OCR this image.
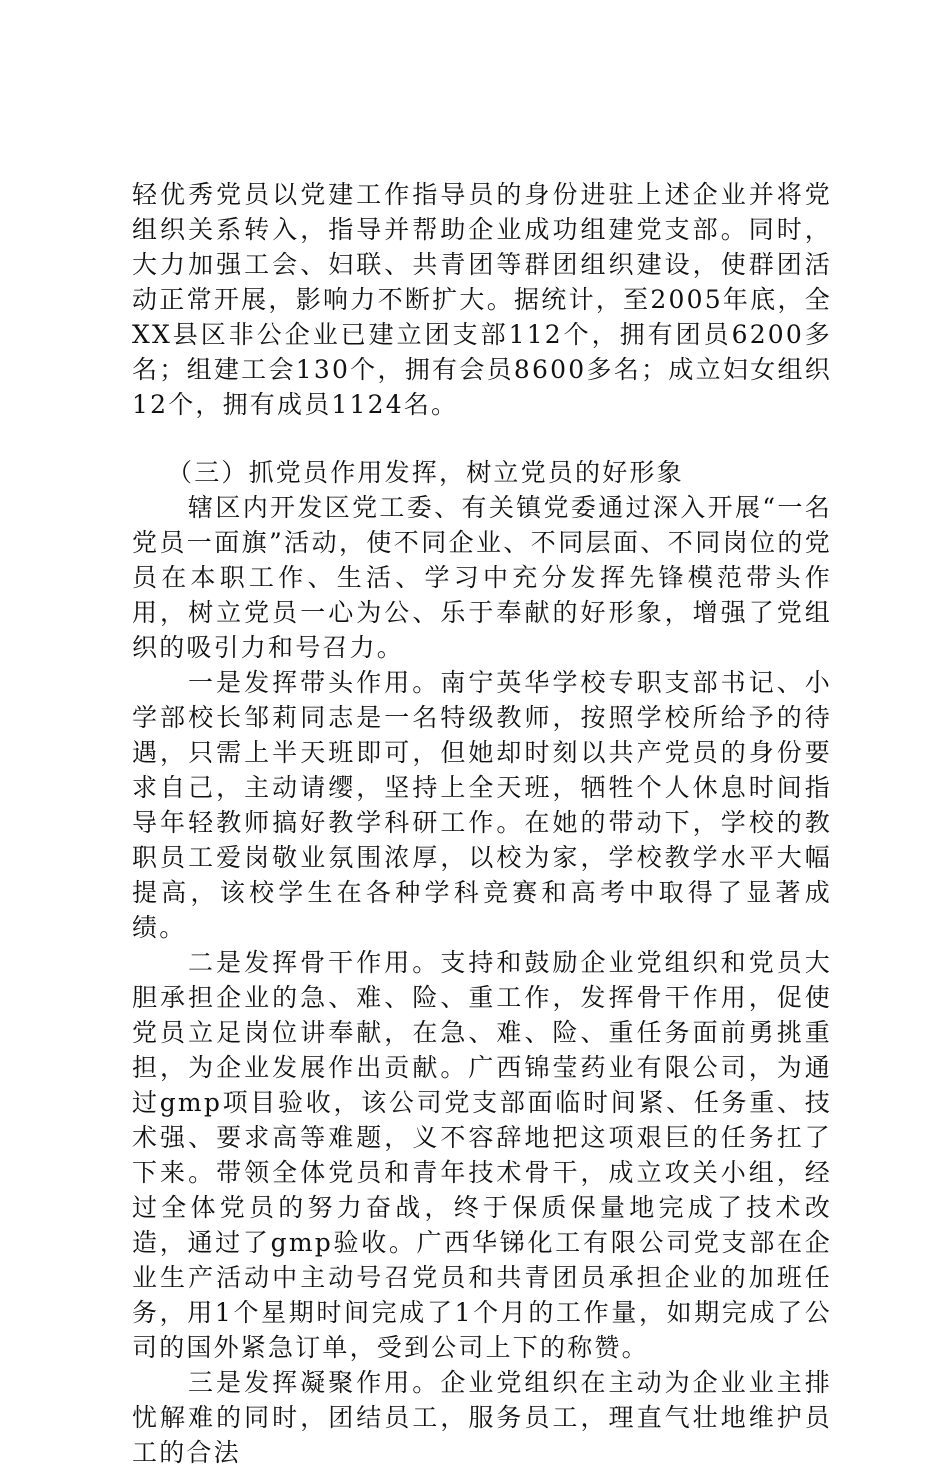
轻优秀党员以党建工作指导员的身份进驻上述企业并将党组织关系转入，指导并帮助企业成功组建党支部。同时，大力加强工会、妇联、共青团等群团组织建设，使群团活动正常开展，影响力不断扩大。据统计，至2005年底，全XX县区非公企业已建立团支部112个，拥有团员6200多名；组建工会130个，拥有会员8600多名；成立妇女组织12个，拥有成员1124名。

（三）抓党员作用发挥，树立党员的好形象

辖区内开发区党工委、有关镇党委通过深入开展“一名党员一面旗”活动，使不同企业、不同层面、不同岗位的党员在本职工作、生活、学习中充分发挥先锋模范带头作用，树立党员一心为公、乐于奉献的好形象，增强了党组织的吸引力和号召力。

一是发挥带头作用。南宁英华学校专职支部书记、小学部校长邹莉同志是一名特级教师，按照学校所给予的待遇，只需上半天班即可，但她却时刻以共产党员的身份要求自己，主动请缨，坚持上全天班，牺牲个人休息时间指导年轻教师搞好教学科研工作。在她的带动下，学校的教职员工爱岗敬业氛围浓厚，以校为家，学校教学水平大幅提高，该校学生在各种学科竞赛和高考中取得了显著成绩。

二是发挥骨干作用。支持和鼓励企业党组织和党员大胆承担企业的急、难、险、重工作，发挥骨干作用，促使党员立足岗位讲奉献，在急、难、险、重任务面前勇挑重担，为企业发展作出贡献。广西锦莹药业有限公司，为通过gmp项目验收，该公司党支部面临时间紧、任务重、技术强、要求高等难题，义不容辞地把这项艰巨的任务扛了下来。带领全体党员和青年技术骨干，成立攻关小组，经过全体党员的努力奋战，终于保质保量地完成了技术改造，通过了gmp验收。广西华锑化工有限公司党支部在企业生产活动中主动号召党员和共青团员承担企业的加班任务，用1个星期时间完成了1个月的工作量，如期完成了公司的国外紧急订单，受到公司上下的称赞。

三是发挥凝聚作用。企业党组织在主动为企业业主排忧解难的同时，团结员工，服务员工，理直气壮地维护员工的合法
